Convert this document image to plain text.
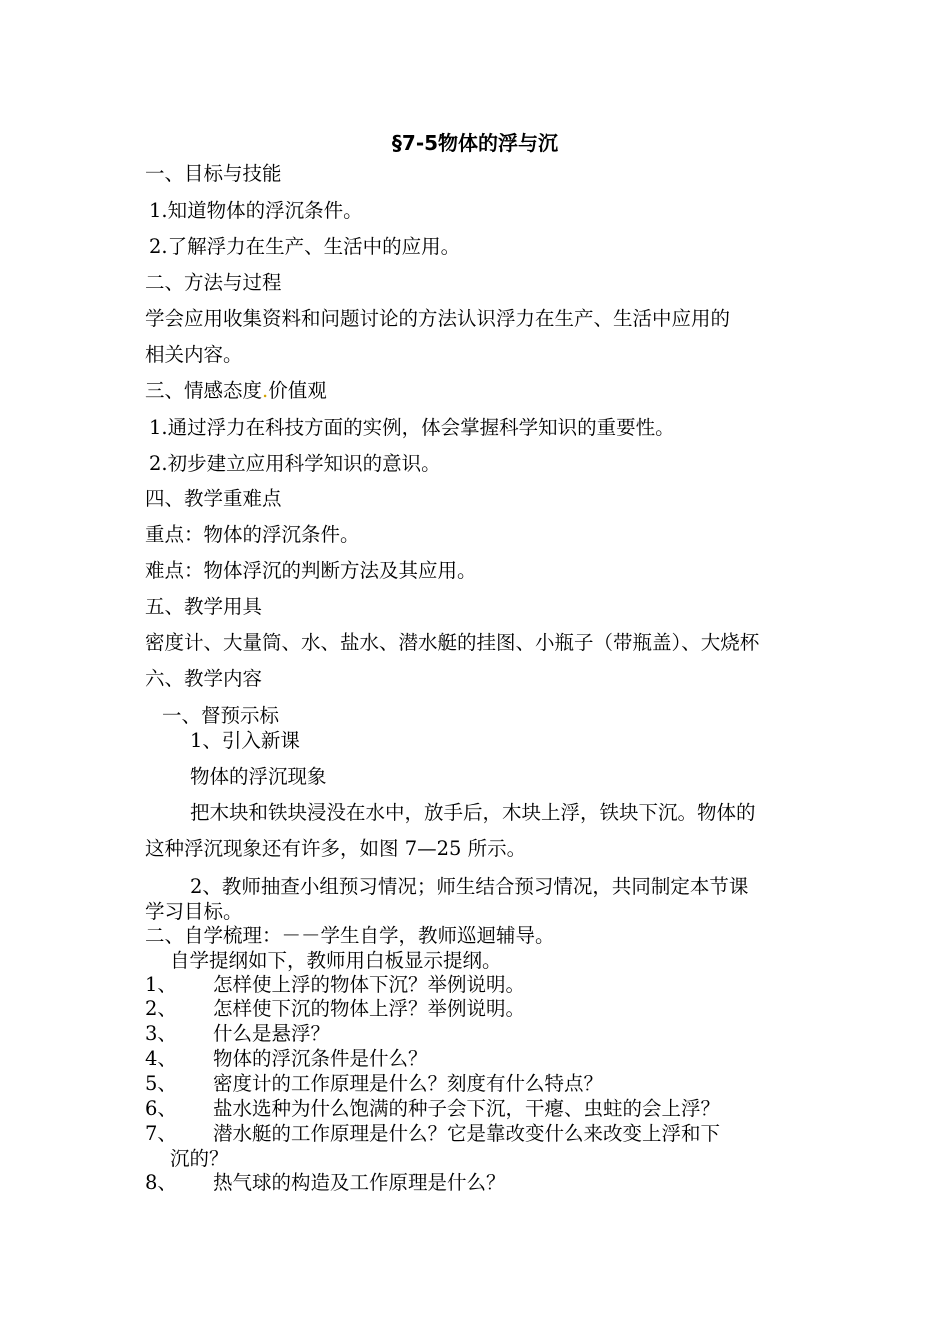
§7-5物体的浮与沉
一、目标与技能
1.知道物体的浮沉条件。
2.了解浮力在生产、生活中的应用。
二、方法与过程
学会应用收集资料和问题讨论的方法认识浮力在生产、生活中应用的
相关内容。
三、情感态度.价值观
1.通过浮力在科技方面的实例，体会掌握科学知识的重要性。
2.初步建立应用科学知识的意识。
四、教学重难点
重点：物体的浮沉条件。
难点：物体浮沉的判断方法及其应用。
五、教学用具
密度计、大量筒、水、盐水、潜水艇的挂图、小瓶子（带瓶盖）、大烧杯
六、教学内容
一、督预示标
1、引入新课
物体的浮沉现象
把木块和铁块浸没在水中，放手后，木块上浮，铁块下沉。物体的
这种浮沉现象还有许多，如图 7—25 所示。
2、教师抽查小组预习情况；师生结合预习情况，共同制定本节课
学习目标。
二、自学梳理：－－学生自学，教师巡迴辅导。
自学提纲如下，教师用白板显示提纲。
1、 怎样使上浮的物体下沉？举例说明。
2、 怎样使下沉的物体上浮？举例说明。
3、 什么是悬浮？
4、 物体的浮沉条件是什么？
5、 密度计的工作原理是什么？刻度有什么特点？
6、 盐水选种为什么饱满的种子会下沉，干瘪、虫蛀的会上浮？
7、 潜水艇的工作原理是什么？它是靠改变什么来改变上浮和下
沉的？
8、 热气球的构造及工作原理是什么？
